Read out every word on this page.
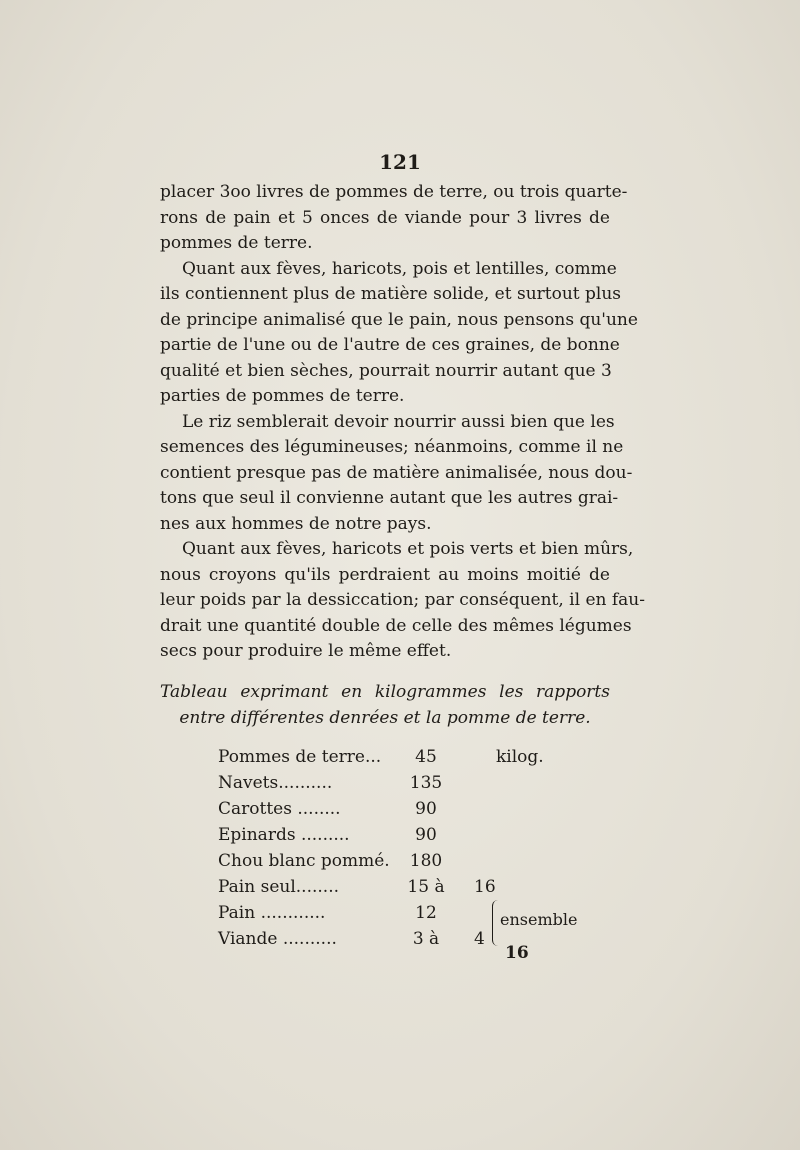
121
placer 3oo livres de pommes de terre, ou trois quarte-
rons de pain et 5 onces de viande pour 3 livres de
pommes de terre.
Quant aux fèves, haricots, pois et lentilles, comme
ils contiennent plus de matière solide, et surtout plus
de principe animalisé que le pain, nous pensons qu'une
partie de l'une ou de l'autre de ces graines, de bonne
qualité et bien sèches, pourrait nourrir autant que 3
parties de pommes de terre.
Le riz semblerait devoir nourrir aussi bien que les
semences des légumineuses; néanmoins, comme il ne
contient presque pas de matière animalisée, nous dou-
tons que seul il convienne autant que les autres grai-
nes aux hommes de notre pays.
Quant aux fèves, haricots et pois verts et bien mûrs,
nous croyons qu'ils perdraient au moins moitié de
leur poids par la dessiccation; par conséquent, il en fau-
drait une quantité double de celle des mêmes légumes
secs pour produire le même effet.
Tableau exprimant en kilogrammes les rapports
entre différentes denrées et la pomme de terre.
Pommes de terre...	45	kilog.
Navets..........	135
Carottes ........	90
Epinards .........	90
Chou blanc pommé. 180
Pain seul........	15 à 16
Pain ............	12
Viande ..........	3 à	4
ensemble
16
